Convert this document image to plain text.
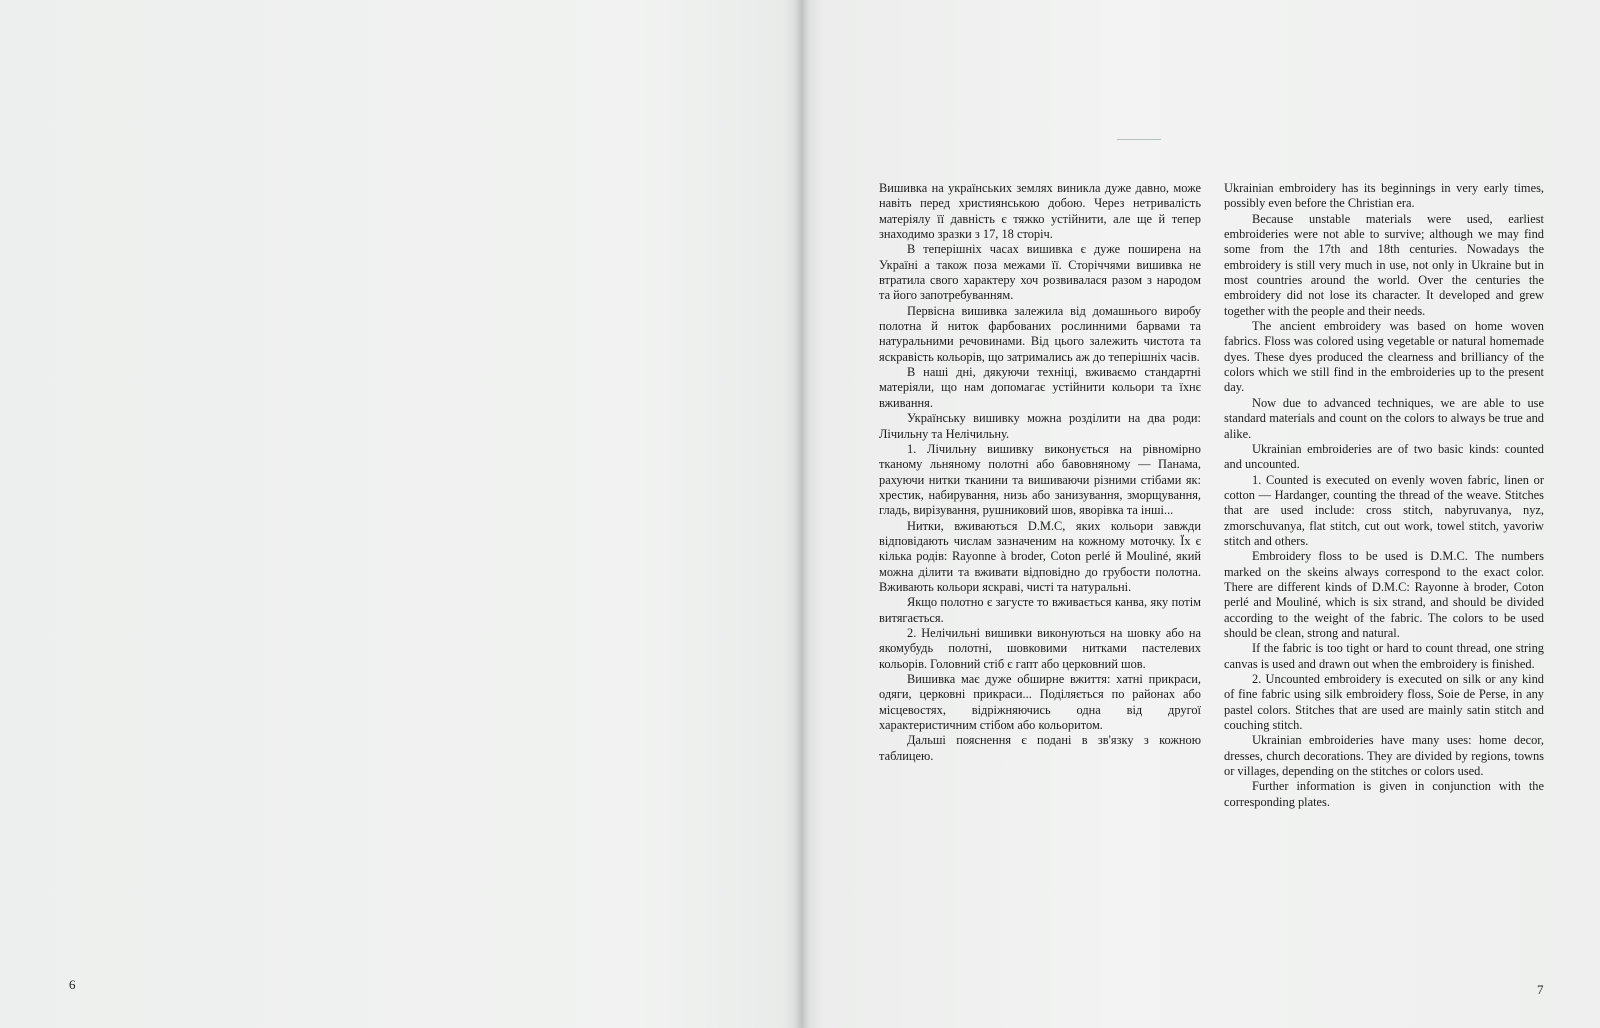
6

Вишивка на українських землях виникла дуже давно, може навіть перед християнською добою. Через нетривалість матеріялу її давність є тяжко устійнити, але ще й тепер знаходимо зразки з 17, 18 сторіч.

В теперішніх часах вишивка є дуже поширена на Україні а також поза межами її. Сторіччями вишивка не втратила свого характеру хоч розвивалася разом з народом та його запотребуванням.

Первісна вишивка залежила від домашнього виробу полотна й ниток фарбованих рослинними барвами та натуральними речовинами. Від цього залежить чистота та яскравість кольорів, що затримались аж до теперішніх часів.

В наші дні, дякуючи техніці, вживаємо стандартні матеріяли, що нам допомагає устійнити кольори та їхнє вживання.

Українську вишивку можна розділити на два роди: Лічильну та Нелічильну.

1. Лічильну вишивку виконується на рівномірно тканому льняному полотні або бавовняному — Панама, рахуючи нитки тканини та вишиваючи різними стібами як: хрестик, набирування, низь або занизування, зморщування, гладь, вирізування, рушниковий шов, яворівка та інші...

Нитки, вживаються D.M.C, яких кольори завжди відповідають числам зазначеним на кожному моточку. Їх є кілька родів: Rayonne à broder, Coton perlé й Mouliné, який можна ділити та вживати відповідно до грубости полотна. Вживають кольори яскраві, чисті та натуральні.

Якщо полотно є загусте то вживається канва, яку потім витягається.

2. Нелічильні вишивки виконуються на шовку або на якомубудь полотні, шовковими нитками пастелевих кольорів. Головний стіб є гапт або церковний шов.

Вишивка має дуже обширне вжиття: хатні прикраси, одяги, церковні прикраси... Поділяється по районах або місцевостях, відріжняючись одна від другої характеристичним стібом або кольоритом.

Дальші пояснення є подані в зв'язку з кожною таблицею.

Ukrainian embroidery has its beginnings in very early times, possibly even before the Christian era.

Because unstable materials were used, earliest embroideries were not able to survive; although we may find some from the 17th and 18th centuries. Nowadays the embroidery is still very much in use, not only in Ukraine but in most countries around the world. Over the centuries the embroidery did not lose its character. It developed and grew together with the people and their needs.

The ancient embroidery was based on home woven fabrics. Floss was colored using vegetable or natural homemade dyes. These dyes produced the clearness and brilliancy of the colors which we still find in the embroideries up to the present day.

Now due to advanced techniques, we are able to use standard materials and count on the colors to always be true and alike.

Ukrainian embroideries are of two basic kinds: counted and uncounted.

1. Counted is executed on evenly woven fabric, linen or cotton — Hardanger, counting the thread of the weave. Stitches that are used include: cross stitch, nabyruvanya, nyz, zmorschuvanya, flat stitch, cut out work, towel stitch, yavoriw stitch and others.

Embroidery floss to be used is D.M.C. The numbers marked on the skeins always correspond to the exact color. There are different kinds of D.M.C: Rayonne à broder, Coton perlé and Mouliné, which is six strand, and should be divided according to the weight of the fabric. The colors to be used should be clean, strong and natural.

If the fabric is too tight or hard to count thread, one string canvas is used and drawn out when the embroidery is finished.

2. Uncounted embroidery is executed on silk or any kind of fine fabric using silk embroidery floss, Soie de Perse, in any pastel colors. Stitches that are used are mainly satin stitch and couching stitch.

Ukrainian embroideries have many uses: home decor, dresses, church decorations. They are divided by regions, towns or villages, depending on the stitches or colors used.

Further information is given in conjunction with the corresponding plates.

7
